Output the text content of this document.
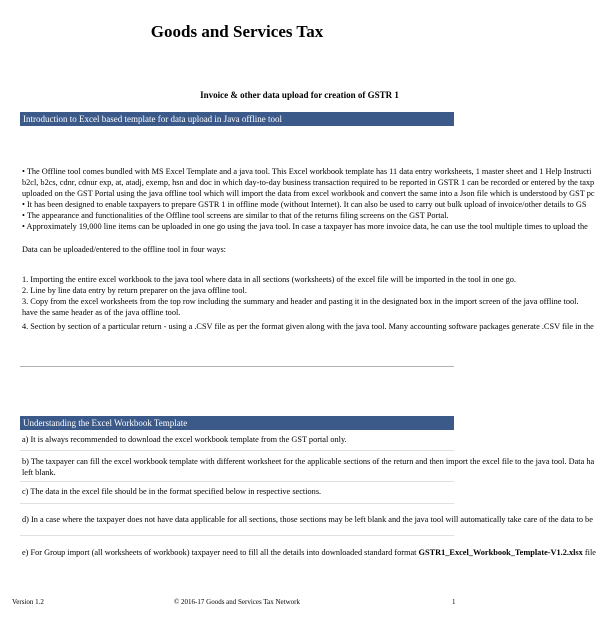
Goods and Services Tax
Invoice & other data upload for creation of GSTR 1
Introduction to Excel based template for data upload in Java offline tool
• The Offline tool comes bundled with MS Excel Template and a java tool. This Excel workbook template has 11 data entry worksheets, 1 master sheet and 1 Help Instructi
b2cl, b2cs, cdnr, cdnur exp, at, atadj, exemp, hsn and doc in which day-to-day business transaction required to be reported in GSTR 1 can be recorded or entered by the taxp
uploaded on the GST Portal using the java offline tool which will import the data from excel workbook and convert the same into a Json file which is understood by GST pc
• It has been designed to enable taxpayers to prepare GSTR 1 in offline mode (without Internet). It can also be used to carry out bulk upload of invoice/other details to GS
• The appearance and functionalities of the Offline tool screens are similar to that of the returns filing screens on the GST Portal.
• Approximately 19,000 line items can be uploaded in one go using the java tool. In case a taxpayer has more invoice data, he can use the tool multiple times to upload the
Data can be uploaded/entered to the offline tool in four ways:
1. Importing the entire excel workbook to the java tool where data in all sections (worksheets) of the excel file will be imported in the tool in one go.
2. Line by line data entry by return preparer on the java offline tool.
3. Copy from the excel worksheets from the top row including the summary and header and pasting it in the designated box in the import screen of the java offline tool.
have the same header as of the java offline tool.
4. Section by section of a particular return - using a .CSV file as per the format given along with the java tool. Many accounting software packages generate .CSV file in the
Understanding the Excel Workbook Template
a) It is always recommended to download the excel workbook template from the GST portal only.
b) The taxpayer can fill the excel workbook template with different worksheet for the applicable sections of the return and then import the excel file to the java tool. Data ha
left blank.
c) The data in the excel file should be in the format specified below in respective sections.
d) In a case where the taxpayer does not have data applicable for all sections, those sections may be left blank and the java tool will automatically take care of the data to be
e) For Group import (all worksheets of workbook) taxpayer need to fill all the details into downloaded standard format GSTR1_Excel_Workbook_Template-V1.2.xlsx file
Version 1.2	© 2016-17 Goods and Services Tax Network	1
